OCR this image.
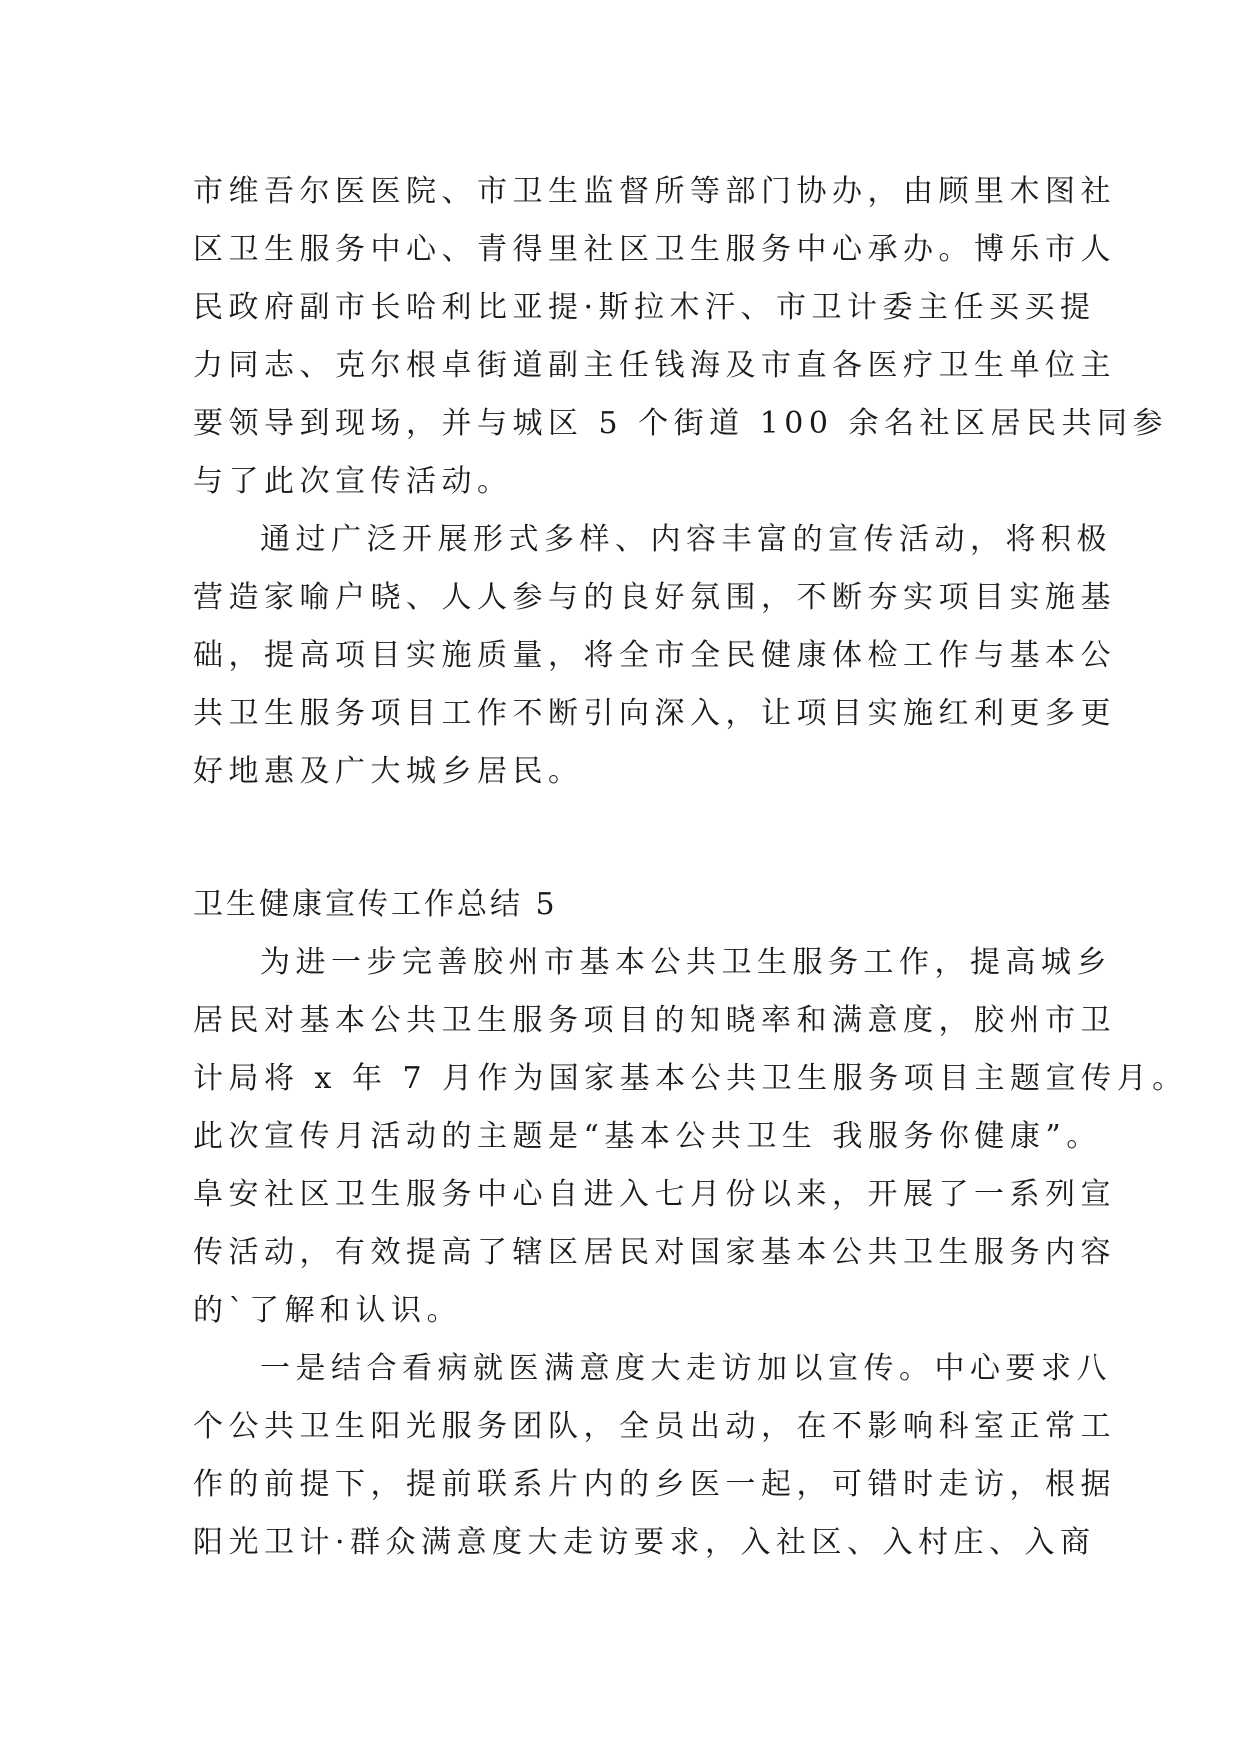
市维吾尔医医院、市卫生监督所等部门协办，由顾里木图社
区卫生服务中心、青得里社区卫生服务中心承办。博乐市人
民政府副市长哈利比亚提·斯拉木汗、市卫计委主任买买提
力同志、克尔根卓街道副主任钱海及市直各医疗卫生单位主
要领导到现场，并与城区 5 个街道 100 余名社区居民共同参
与了此次宣传活动。
通过广泛开展形式多样、内容丰富的宣传活动，将积极
营造家喻户晓、人人参与的良好氛围，不断夯实项目实施基
础，提高项目实施质量，将全市全民健康体检工作与基本公
共卫生服务项目工作不断引向深入，让项目实施红利更多更
好地惠及广大城乡居民。
卫生健康宣传工作总结 5
为进一步完善胶州市基本公共卫生服务工作，提高城乡
居民对基本公共卫生服务项目的知晓率和满意度，胶州市卫
计局将 x 年 7 月作为国家基本公共卫生服务项目主题宣传月。
此次宣传月活动的主题是“基本公共卫生 我服务你健康”。
阜安社区卫生服务中心自进入七月份以来，开展了一系列宣
传活动，有效提高了辖区居民对国家基本公共卫生服务内容
的`了解和认识。
一是结合看病就医满意度大走访加以宣传。中心要求八
个公共卫生阳光服务团队，全员出动，在不影响科室正常工
作的前提下，提前联系片内的乡医一起，可错时走访，根据
阳光卫计·群众满意度大走访要求，入社区、入村庄、入商
